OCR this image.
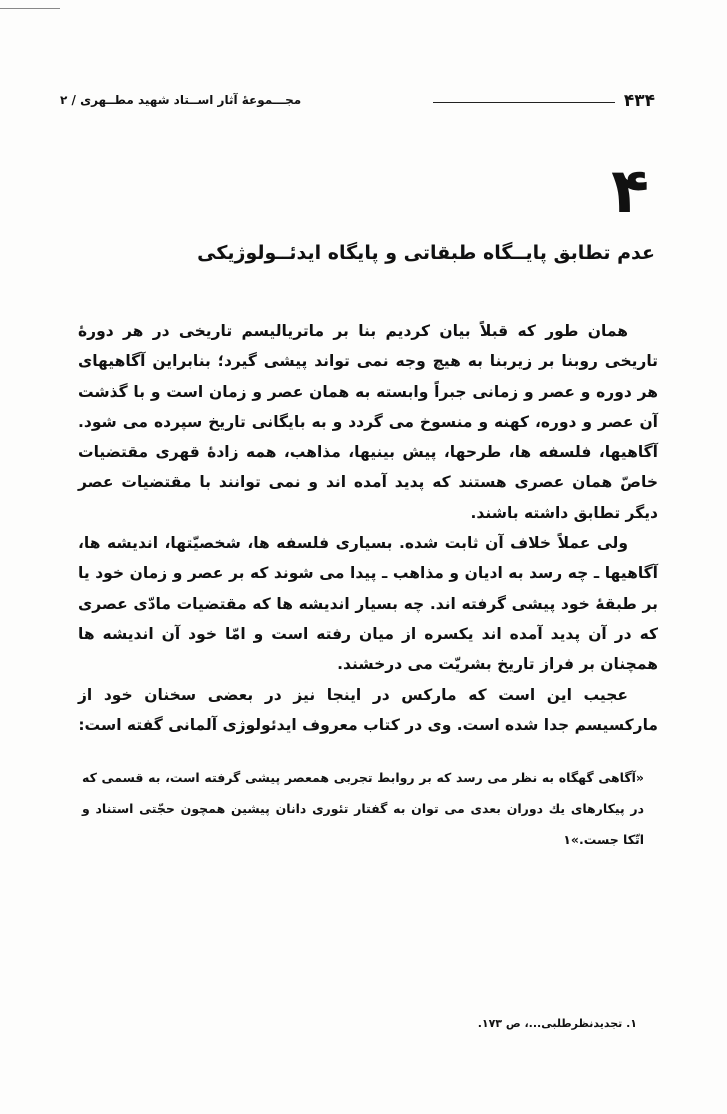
۴۳۴
مجـــموعهٔ آثار اســتاد شهید مطــهری / ۲
۴
عدم تطابق پایــگاه طبقاتی و پایگاه ایدئــولوژیکی

همان طور که قبلاً بیان کردیم بنا بر ماتریالیسم تاریخی در هر دورهٔ تاریخی روبنا بر زیربنا به هیچ وجه نمی تواند پیشی گیرد؛ بنابراین آگاهیهای هر دوره و عصر و زمانی جبراً وابسته به همان عصر و زمان است و با گذشت آن عصر و دوره، کهنه و منسوخ می گردد و به بایگانی تاریخ سپرده می شود. آگاهیها، فلسفه ها، طرحها، پیش بینیها، مذاهب، همه زادهٔ قهری مقتضیات خاصّ همان عصری هستند که پدید آمده اند و نمی توانند با مقتضیات عصر دیگر تطابق داشته باشند.

ولی عملاً خلاف آن ثابت شده. بسیاری فلسفه ها، شخصیّتها، اندیشه ها، آگاهیها ـ چه رسد به ادیان و مذاهب ـ پیدا می شوند که بر عصر و زمان خود یا بر طبقهٔ خود پیشی گرفته اند. چه بسیار اندیشه ها که مقتضیات مادّی عصری که در آن پدید آمده اند یکسره از میان رفته است و امّا خود آن اندیشه ها همچنان بر فراز تاریخ بشریّت می درخشند.

عجیب این است که مارکس در اینجا نیز در بعضی سخنان خود از مارکسیسم جدا شده است. وی در کتاب معروف ایدئولوژی آلمانی گفته است:

«آگاهی گهگاه به نظر می رسد که بر روابط تجربی همعصر پیشی گرفته است، به قسمی که در پیکارهای یك دوران بعدی می توان به گفتار تئوری دانان پیشین همچون حجّتی استناد و اتّکا جست.»۱
۱. تجدیدنظرطلبی...، ص ۱۷۳.
